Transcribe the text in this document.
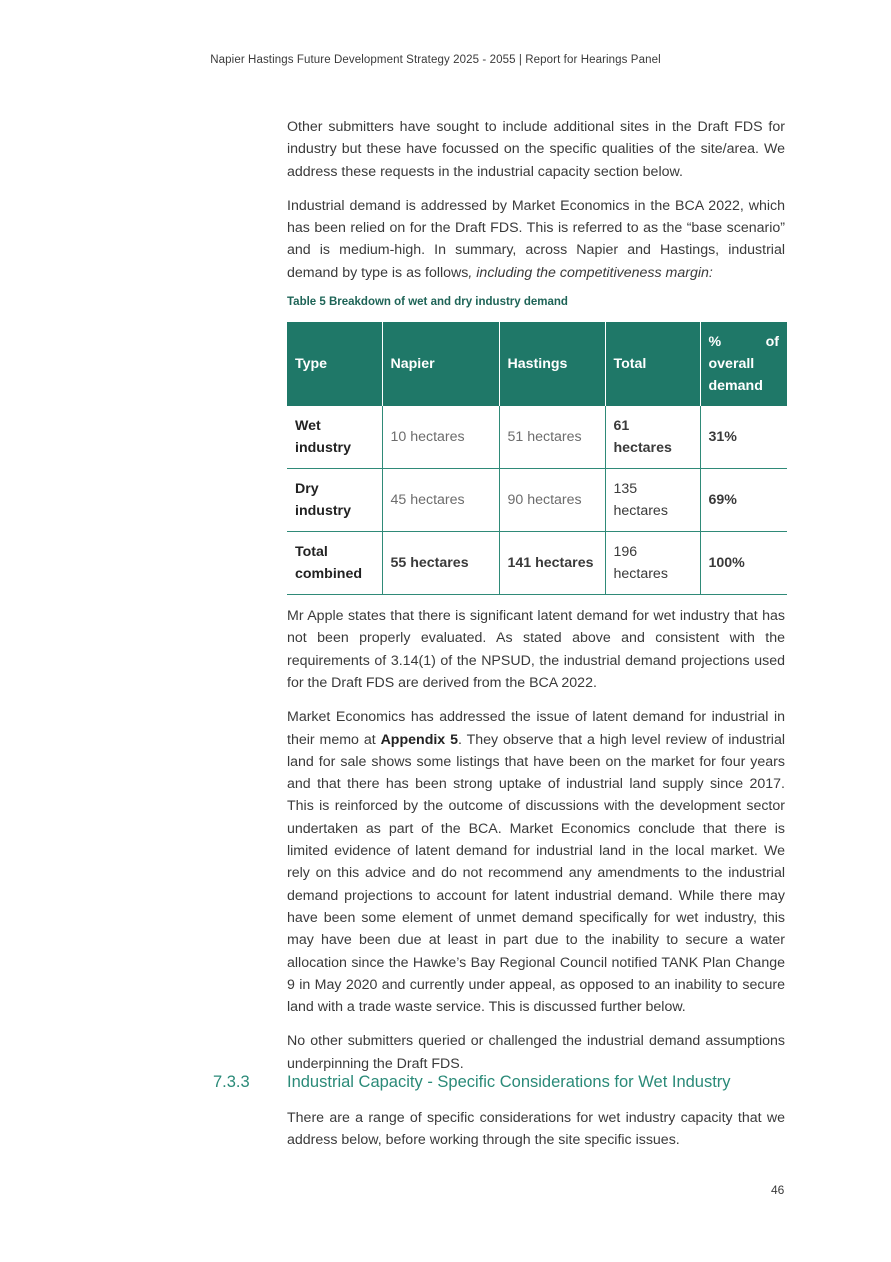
Napier Hastings Future Development Strategy 2025 - 2055 | Report for Hearings Panel

Other submitters have sought to include additional sites in the Draft FDS for industry but these have focussed on the specific qualities of the site/area. We address these requests in the industrial capacity section below.

Industrial demand is addressed by Market Economics in the BCA 2022, which has been relied on for the Draft FDS. This is referred to as the “base scenario” and is medium-high. In summary, across Napier and Hastings, industrial demand by type is as follows, including the competitiveness margin:

Table 5 Breakdown of wet and dry industry demand
Type	Napier	Hastings	Total	% of
overall
demand

Wet industry	10 hectares	51 hectares	61 hectares	31%
Dry industry	45 hectares	90 hectares	135 hectares	69%
Total combined	55 hectares	141 hectares	196 hectares	100%

Mr Apple states that there is significant latent demand for wet industry that has not been properly evaluated. As stated above and consistent with the requirements of 3.14(1) of the NPSUD, the industrial demand projections used for the Draft FDS are derived from the BCA 2022.

Market Economics has addressed the issue of latent demand for industrial in their memo at Appendix 5. They observe that a high level review of industrial land for sale shows some listings that have been on the market for four years and that there has been strong uptake of industrial land supply since 2017. This is reinforced by the outcome of discussions with the development sector undertaken as part of the BCA. Market Economics conclude that there is limited evidence of latent demand for industrial land in the local market. We rely on this advice and do not recommend any amendments to the industrial demand projections to account for latent industrial demand. While there may have been some element of unmet demand specifically for wet industry, this may have been due at least in part due to the inability to secure a water allocation since the Hawke’s Bay Regional Council notified TANK Plan Change 9 in May 2020 and currently under appeal, as opposed to an inability to secure land with a trade waste service. This is discussed further below.

No other submitters queried or challenged the industrial demand assumptions underpinning the Draft FDS.

7.3.3	Industrial Capacity - Specific Considerations for Wet Industry

There are a range of specific considerations for wet industry capacity that we address below, before working through the site specific issues.

46
